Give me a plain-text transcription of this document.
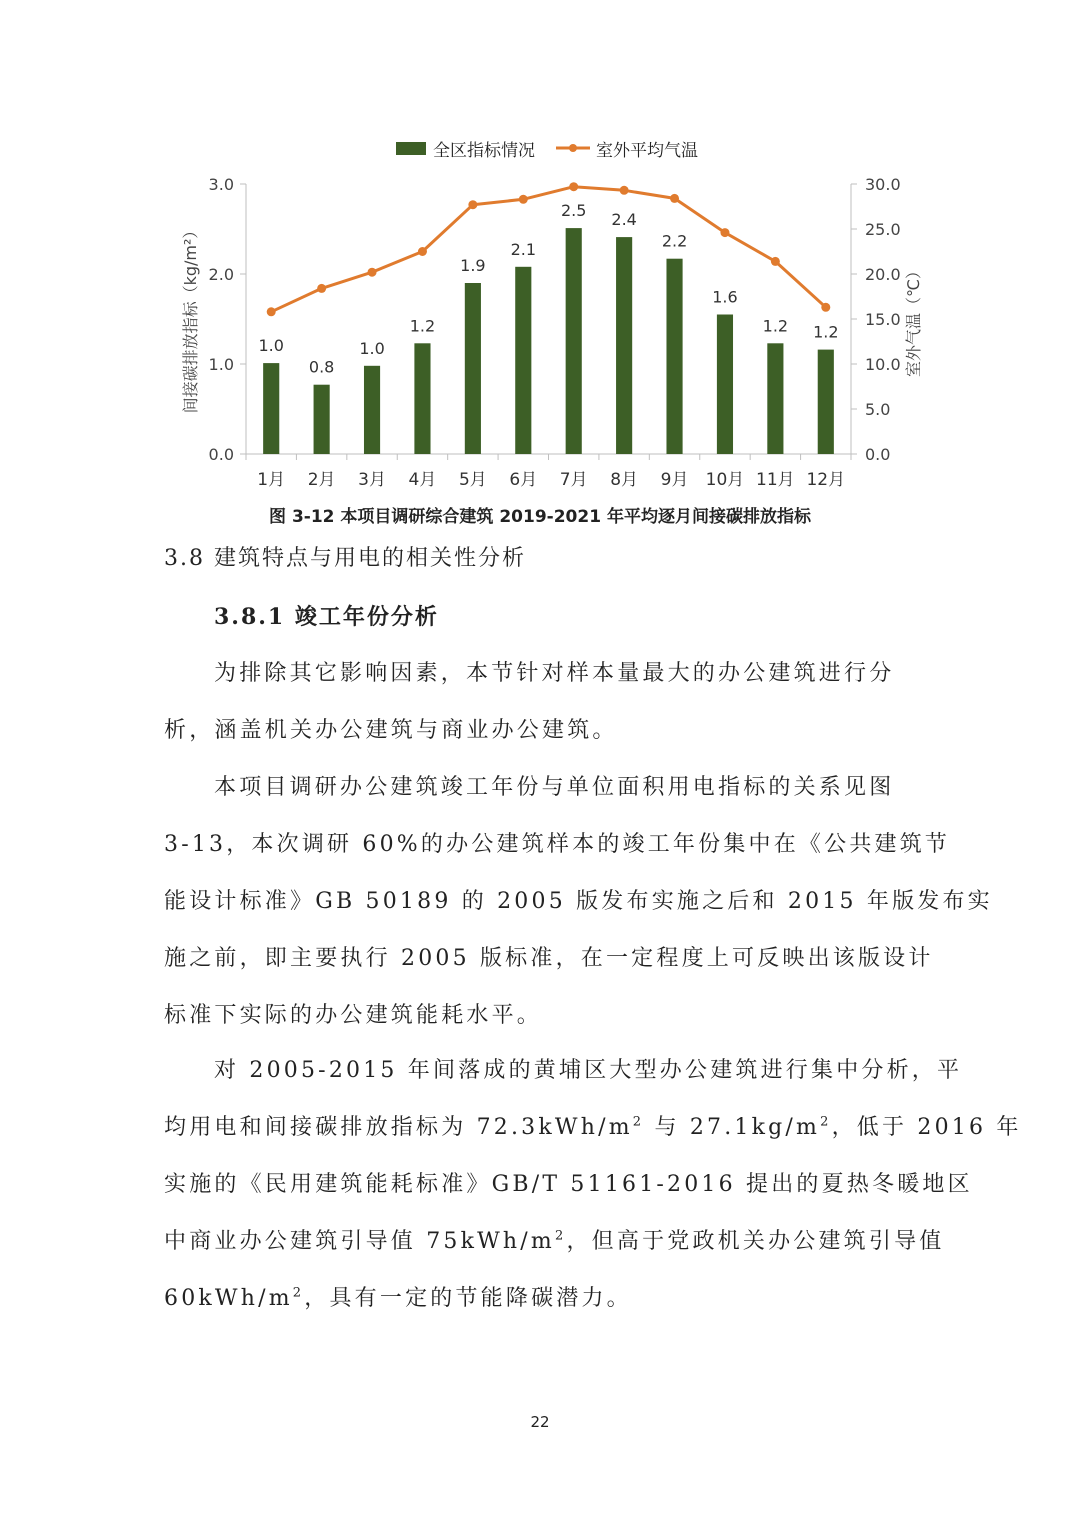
全区指标情况	室外平均气温
0.0
1.0
2.0
3.0
0.0
5.0
10.0
15.0
20.0
25.0
30.0
1.0
0.8
1.0
1.2
1.9
2.1
2.5 2.4
2.2
1.6
1.2 1.2
1月 2月 3月 4月 5月 6月 7月 8月 9月 10月 11月 12月
间接碳排放指标（kg/m²）	室外气温（℃）
图 3-12 本项目调研综合建筑 2019-2021 年平均逐月间接碳排放指标
3.8 建筑特点与用电的相关性分析
3.8.1 竣工年份分析
为排除其它影响因素，本节针对样本量最大的办公建筑进行分
析，涵盖机关办公建筑与商业办公建筑。
本项目调研办公建筑竣工年份与单位面积用电指标的关系见图
3-13，本次调研 60%的办公建筑样本的竣工年份集中在《公共建筑节
能设计标准》GB 50189 的 2005 版发布实施之后和 2015 年版发布实
施之前，即主要执行 2005 版标准，在一定程度上可反映出该版设计
标准下实际的办公建筑能耗水平。
对 2005-2015 年间落成的黄埔区大型办公建筑进行集中分析，平
均用电和间接碳排放指标为 $72.3kWh/m^2$ 与 $27.1kg/m^2$，低于 2016 年
实施的《民用建筑能耗标准》GB/T 51161-2016 提出的夏热冬暖地区
中商业办公建筑引导值 $75kWh/m^2$，但高于党政机关办公建筑引导值
$60kWh/m^2$，具有一定的节能降碳潜力。
22
